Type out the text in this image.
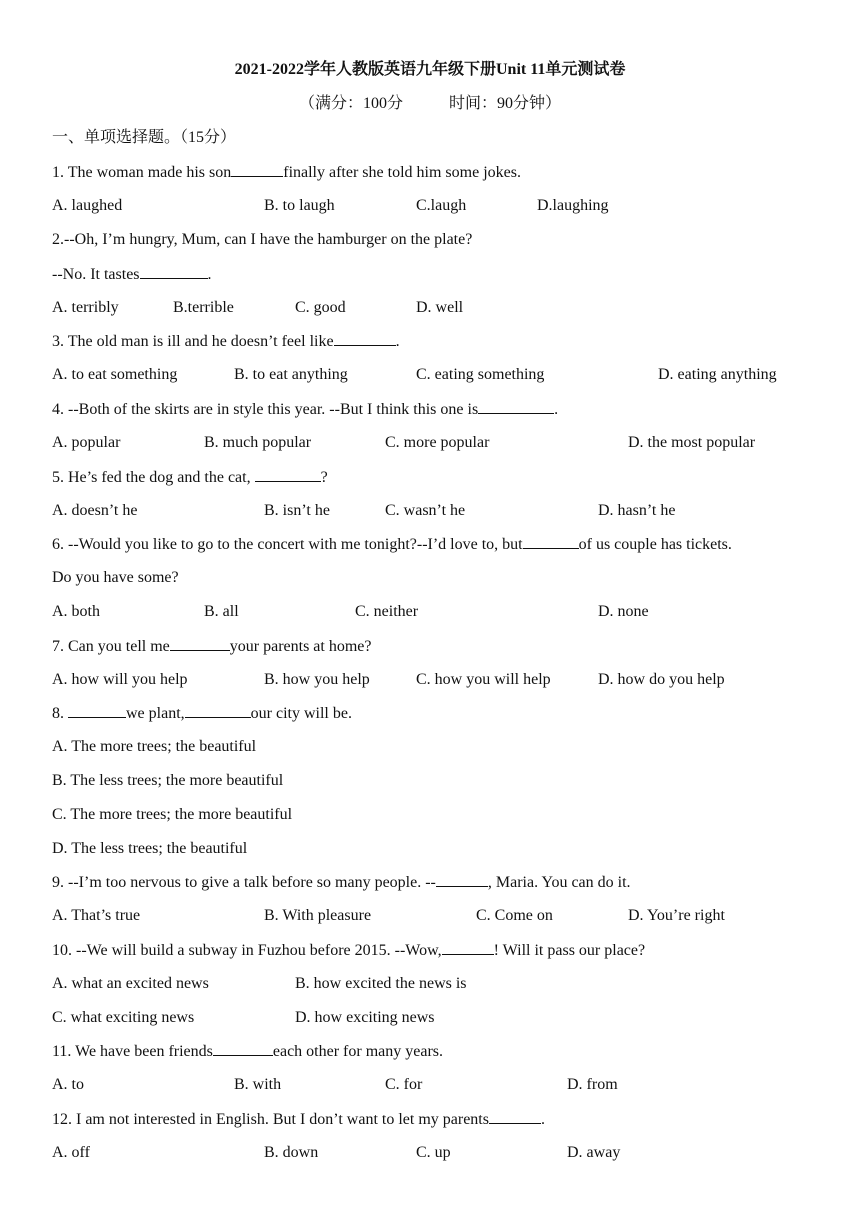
2021-2022学年人教版英语九年级下册Unit 11单元测试卷
（满分：100分	时间：90分钟）
一、单项选择题。（15分）
1. The woman made his son	finally after she told him some jokes.
A. laughed	B. to laugh	C.laugh	D.laughing
2.--Oh, I’m hungry, Mum, can I have the hamburger on the plate?
--No. It tastes	.
A. terribly	B.terrible	C. good	D. well
3. The old man is ill and he doesn’t feel like	.
A. to eat something	B. to eat anything	C. eating something	D. eating anything
4. --Both of the skirts are in style this year. --But I think this one is	.
A. popular	B. much popular	C. more popular	D. the most popular
5. He’s fed the dog and the cat,	?
A. doesn’t he	B. isn’t he	C. wasn’t he	D. hasn’t he
6. --Would you like to go to the concert with me tonight?--I’d love to, but	of us couple has tickets.
Do you have some?
A. both	B. all	C. neither	D. none
7. Can you tell me	your parents at home?
A. how will you help	B. how you help	C. how you will help	D. how do you help
8.	we plant,	our city will be.
A. The more trees; the beautiful
B. The less trees; the more beautiful
C. The more trees; the more beautiful
D. The less trees; the beautiful
9. --I’m too nervous to give a talk before so many people. --	, Maria. You can do it.
A. That’s true	B. With pleasure	C. Come on	D. You’re right
10. --We will build a subway in Fuzhou before 2015. --Wow,	! Will it pass our place?
A. what an excited news	B. how excited the news is
C. what exciting news	D. how exciting news
11. We have been friends	each other for many years.
A. to	B. with	C. for	D. from
12. I am not interested in English. But I don’t want to let my parents	.
A. off	B. down	C. up	D. away
